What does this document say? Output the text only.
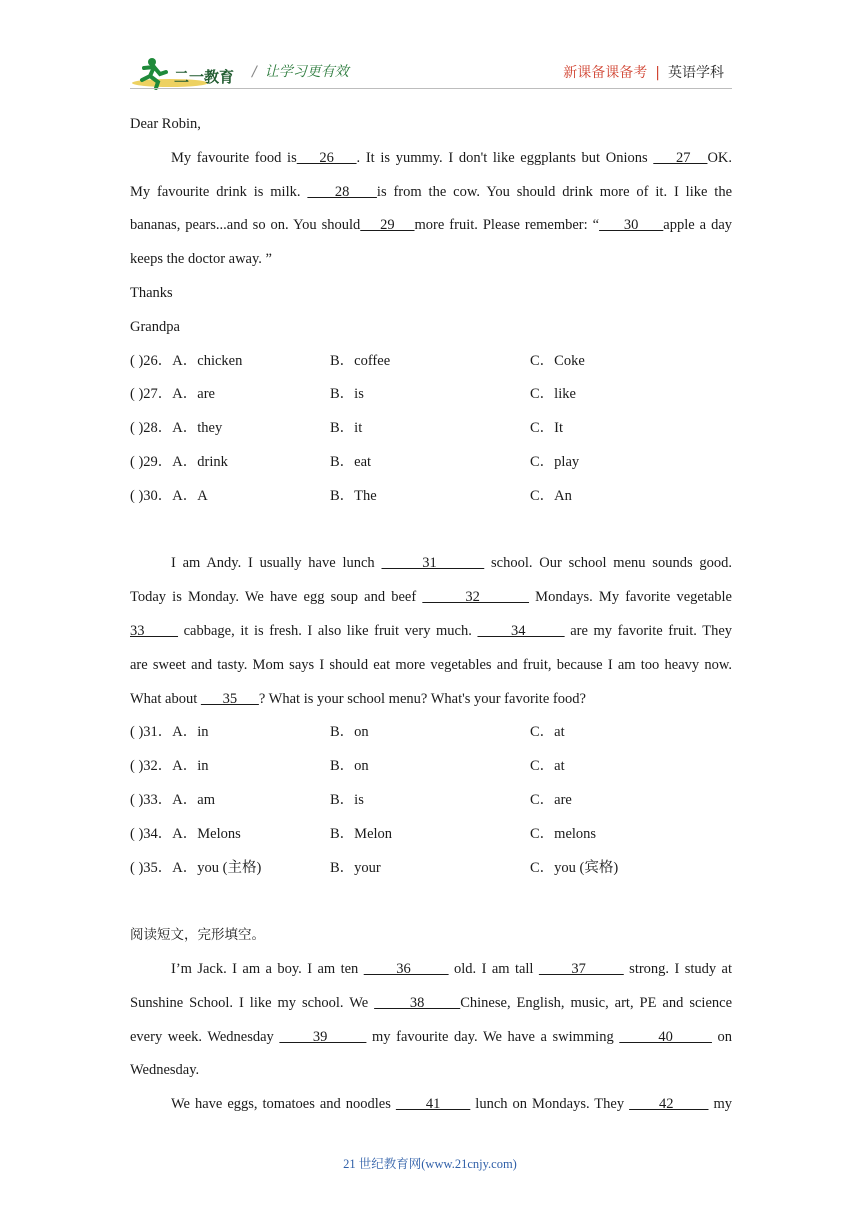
二一教育 / 让学习更有效	新课备课备考 | 英语学科
Dear Robin,
My favourite food is    26    . It is yummy. I don't like eggplants but Onions     27   OK.
My favourite drink is milk.     28    is from the cow. You should drink more of it. I like the
bananas, pears...and so on. You should    29    more fruit. Please remember: “     30     apple a day
keeps the doctor away. ”
Thanks
Grandpa
( )26．A．chicken	B．coffee	C．Coke
( )27．A．are	B．is	C．like
( )28．A．they	B．it	C．It
( )29．A．drink	B．eat	C．play
( )30．A．A	B．The	C．An
I am Andy. I usually have lunch       31        school. Our school menu sounds good.
Today is Monday. We have egg soup and beef        32         Mondays. My favorite vegetable
33       cabbage, it is fresh. I also like fruit very much.       34        are my favorite fruit. They
are sweet and tasty. Mom says I should eat more vegetables and fruit, because I am too heavy now.
What about       35      ? What is your school menu? What's your favorite food?
( )31．A．in	B．on	C．at
( )32．A．in	B．on	C．at
( )33．A．am	B．is	C．are
( )34．A．Melons	B．Melon	C．melons
( )35．A．you (主格)	B．your	C．you (宾格)
阅读短文，完形填空。
I’m Jack. I am a boy. I am ten       36        old. I am tall       37        strong. I study at
Sunshine School. I like my school. We       38      Chinese, English, music, art, PE and science
every week. Wednesday       39        my favourite day. We have a swimming        40        on
Wednesday.
We have eggs, tomatoes and noodles       41       lunch on Mondays. They       42        my
21 世纪教育网(www.21cnjy.com)
